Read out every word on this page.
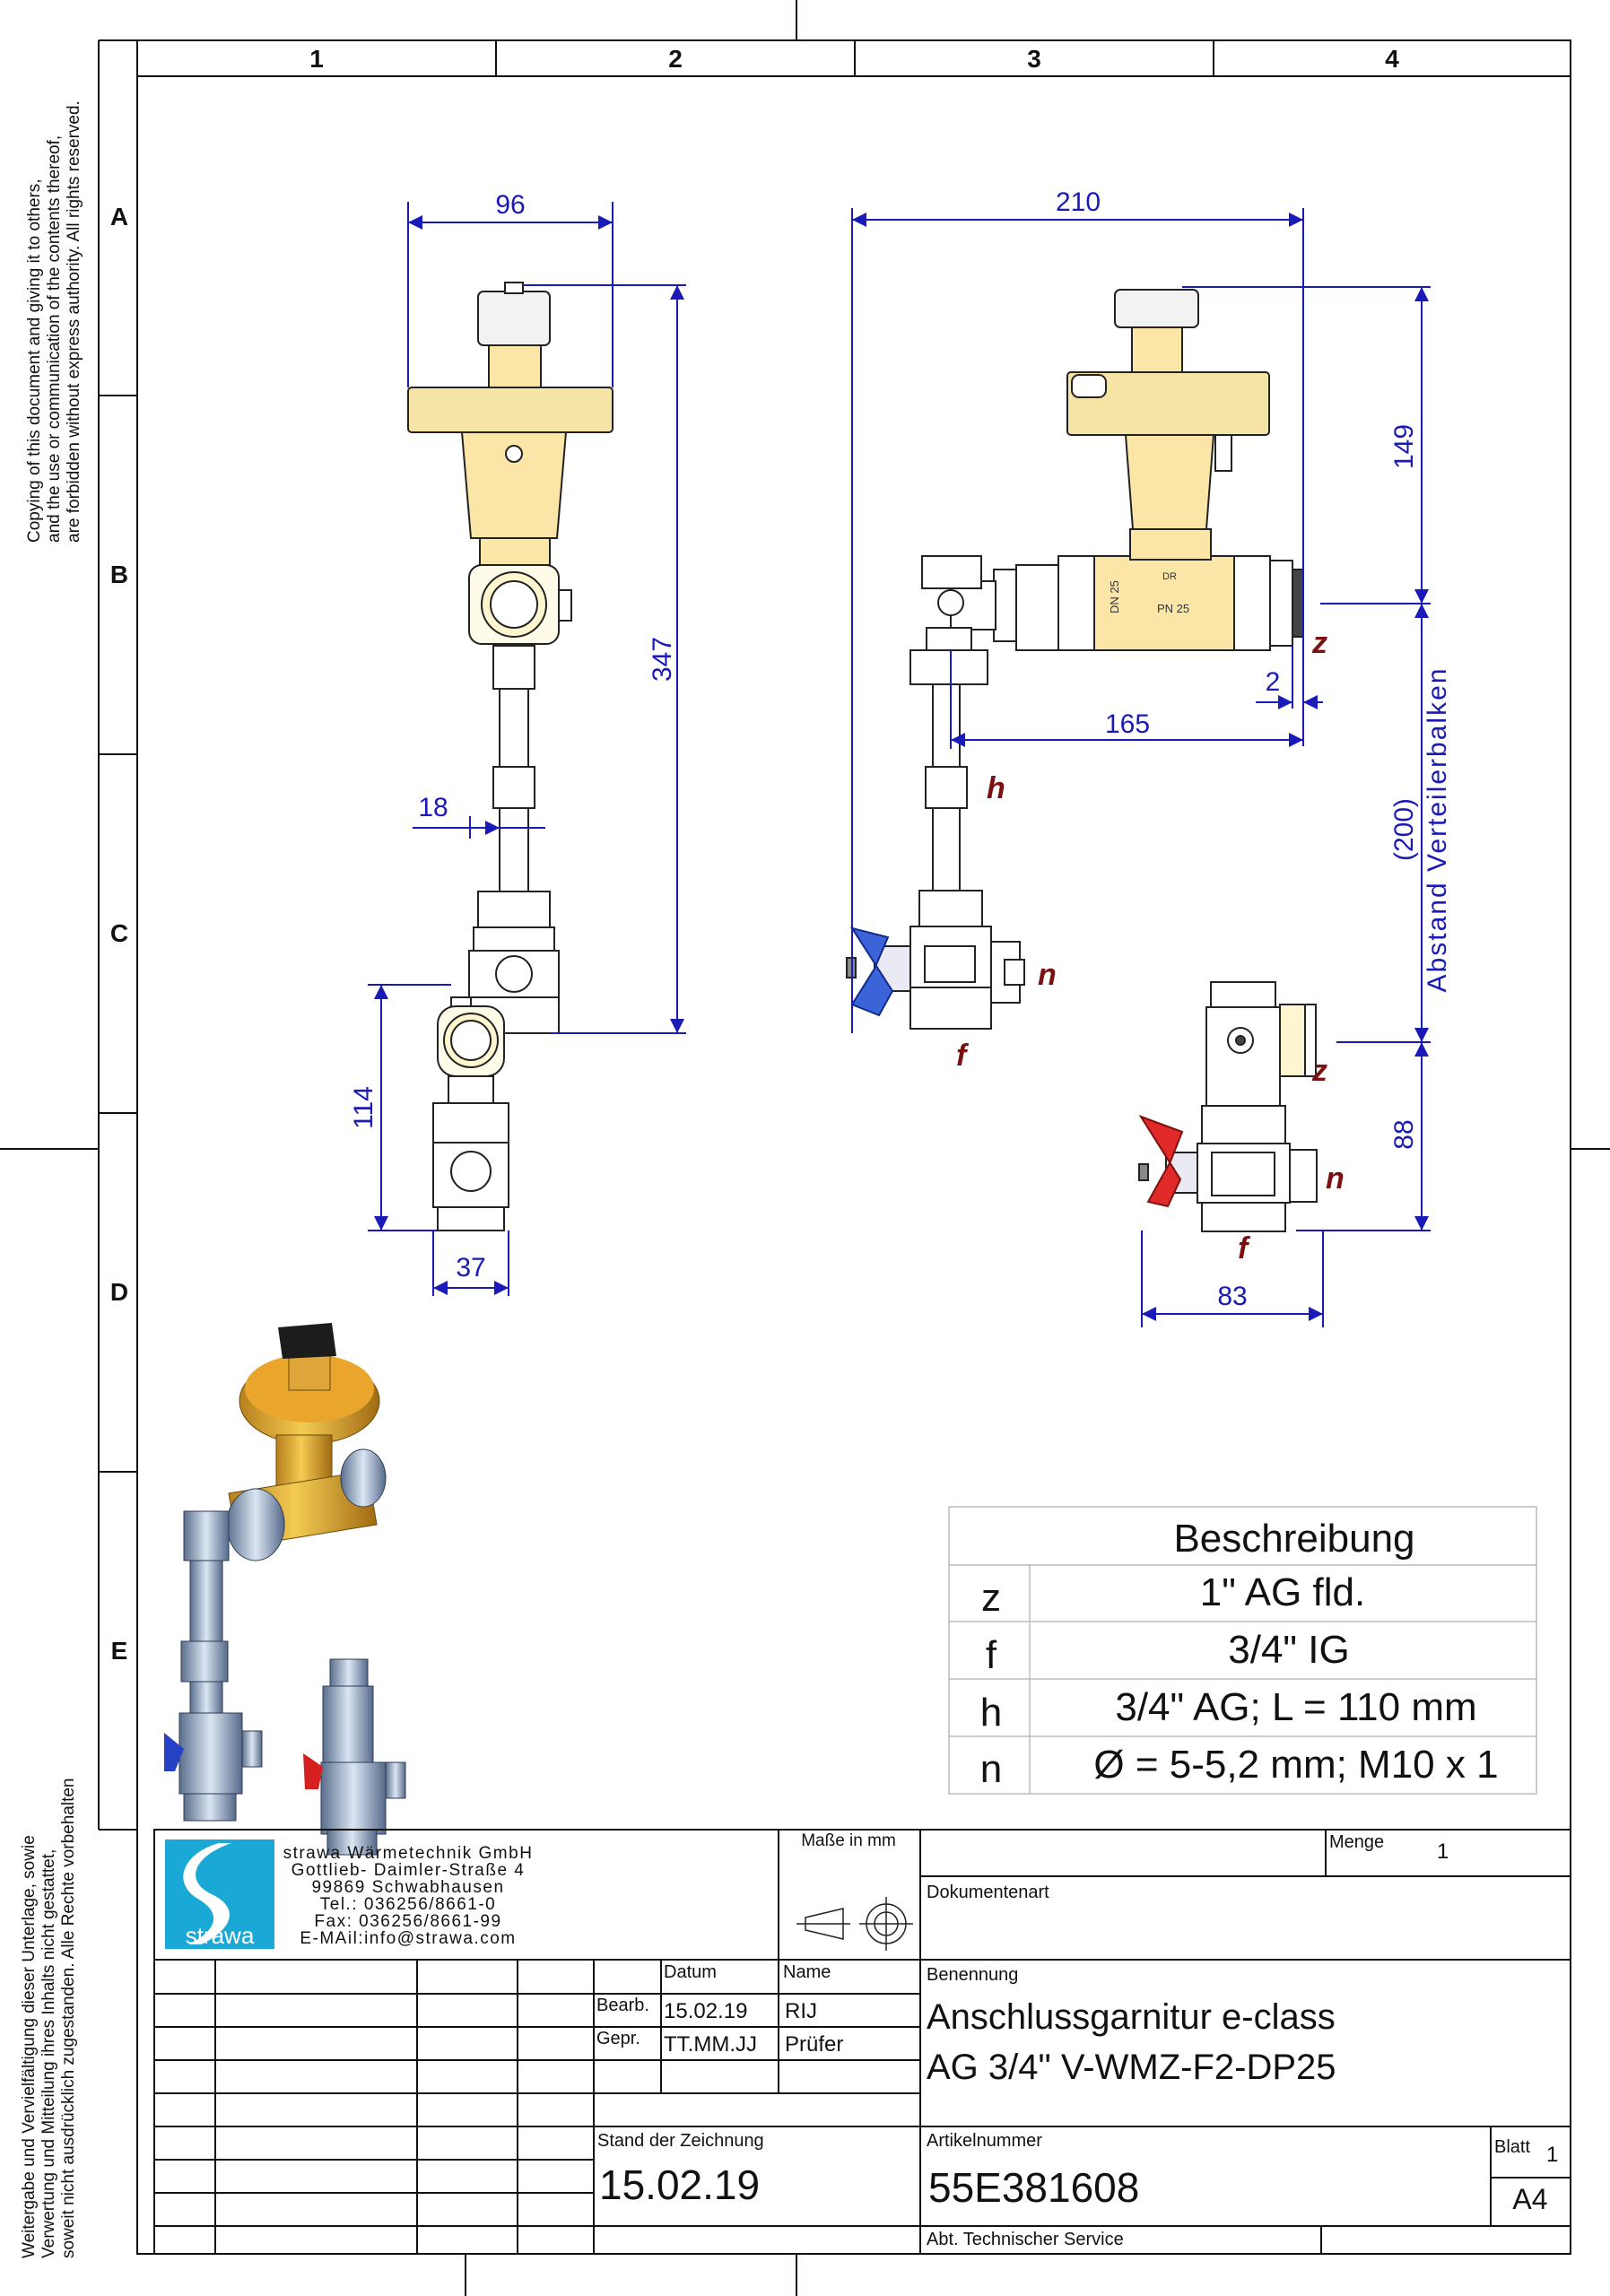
Copying of this document and giving it to others, and the use or communication of the contents thereof, are forbidden without express authority. All rights reserved.
Weitergabe und Vervielfältigung dieser Unterlage, sowie Verwertung und Mitteilung ihres Inhalts nicht gestattet, soweit nicht ausdrücklich zugestanden. Alle Rechte vorbehalten
1	2	3	4
A
B
C
D
E
96
347
18
114
37
DN 25	PN 25
DR
210
149
2
165
(200) Abstand Verteilerbalken
88
83
z
h
n
f	z
n
f
Beschreibung
z	1" AG fld.
f	3/4" IG
h	3/4" AG; L = 110 mm
n Ø = 5-5,2 mm; M10 x 1
strawa
strawa Wärmetechnik GmbH
Gottlieb- Daimler-Straße 4
99869 Schwabhausen
Tel.: 036256/8661-0
Fax: 036256/8661-99
E-MAil:info@strawa.com
Maße in mm	Menge 1
Dokumentenart
Datum	Name
Bearb. 15.02.19 RIJ
Gepr. TT.MM.JJ Prüfer
Benennung
Anschlussgarnitur e-class
AG 3/4" V-WMZ-F2-DP25
Stand der Zeichnung
15.02.19
Artikelnummer
55E381608
Blatt 1
A4
Abt. Technischer Service
